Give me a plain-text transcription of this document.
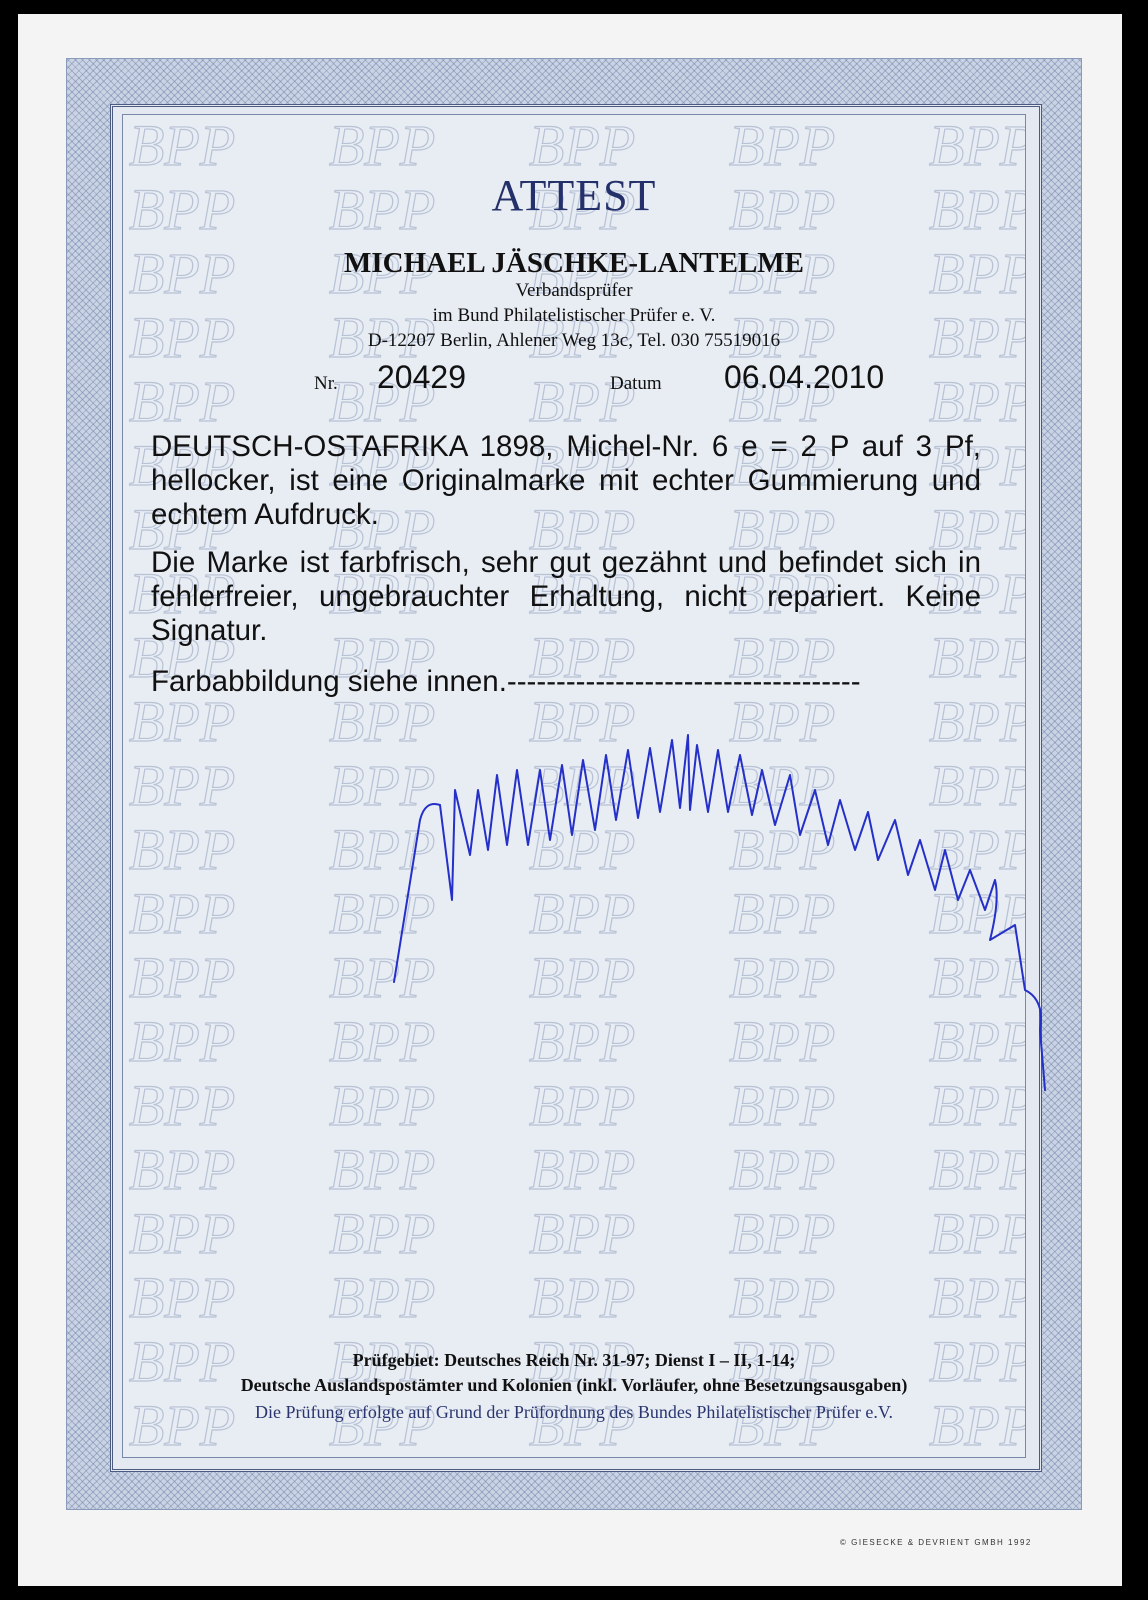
ATTEST
MICHAEL JÄSCHKE-LANTELME
Verbandsprüfer
im Bund Philatelistischer Prüfer e. V.
D-12207 Berlin, Ahlener Weg 13c, Tel. 030 75519016
Nr. 20429	Datum 06.04.2010
DEUTSCH-OSTAFRIKA 1898, Michel-Nr. 6 e = 2 P auf 3 Pf, hellocker, ist eine Originalmarke mit echter Gummierung und echtem Aufdruck.
Die Marke ist farbfrisch, sehr gut gezähnt und befindet sich in fehlerfreier, ungebrauchter Erhaltung, nicht repariert. Keine Signatur.
Farbabbildung siehe innen.------------------------------------
Prüfgebiet: Deutsches Reich Nr. 31-97; Dienst I – II, 1-14;
Deutsche Auslandspostämter und Kolonien (inkl. Vorläufer, ohne Besetzungsausgaben)
Die Prüfung erfolgte auf Grund der Prüfordnung des Bundes Philatelistischer Prüfer e.V.
© GIESECKE & DEVRIENT GMBH 1992
